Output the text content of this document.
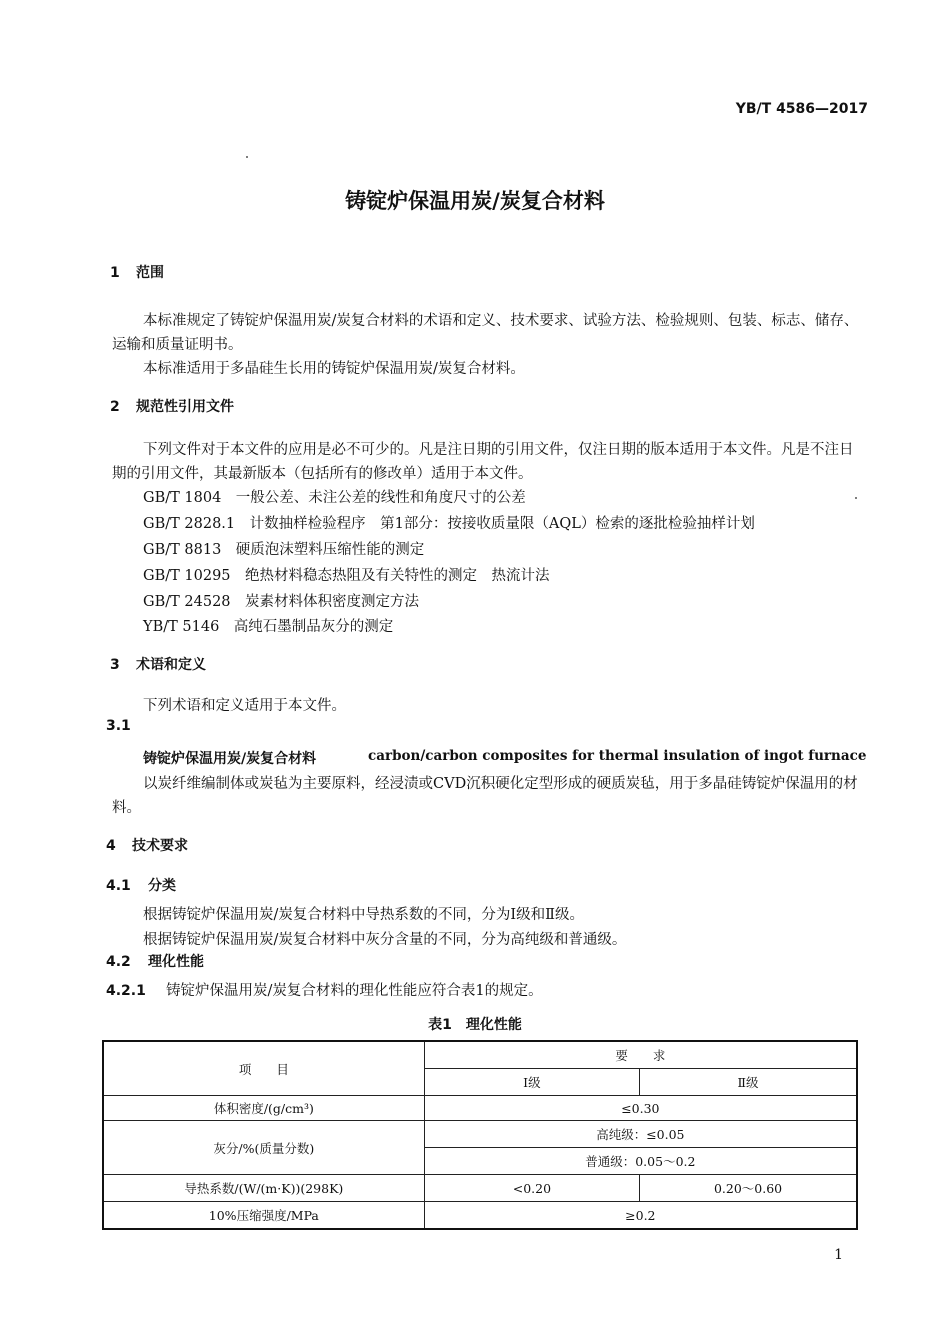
YB/T 4586—2017
铸锭炉保温用炭/炭复合材料
1 范围
本标准规定了铸锭炉保温用炭/炭复合材料的术语和定义、技术要求、试验方法、检验规则、包装、标志、储存、运输和质量证明书。
本标准适用于多晶硅生长用的铸锭炉保温用炭/炭复合材料。
2 规范性引用文件
下列文件对于本文件的应用是必不可少的。凡是注日期的引用文件，仅注日期的版本适用于本文件。凡是不注日期的引用文件，其最新版本（包括所有的修改单）适用于本文件。
GB/T 1804　一般公差、未注公差的线性和角度尺寸的公差
GB/T 2828.1　计数抽样检验程序　第1部分：按接收质量限（AQL）检索的逐批检验抽样计划
GB/T 8813　硬质泡沫塑料压缩性能的测定
GB/T 10295　绝热材料稳态热阻及有关特性的测定　热流计法
GB/T 24528　炭素材料体积密度测定方法
YB/T 5146　高纯石墨制品灰分的测定
3 术语和定义
下列术语和定义适用于本文件。
3.1
铸锭炉保温用炭/炭复合材料	carbon/carbon composites for thermal insulation of ingot furnace
以炭纤维编制体或炭毡为主要原料，经浸渍或CVD沉积硬化定型形成的硬质炭毡，用于多晶硅铸锭炉保温用的材料。
4 技术要求
4.1 分类
根据铸锭炉保温用炭/炭复合材料中导热系数的不同，分为Ⅰ级和Ⅱ级。
根据铸锭炉保温用炭/炭复合材料中灰分含量的不同，分为高纯级和普通级。
4.2 理化性能
4.2.1 铸锭炉保温用炭/炭复合材料的理化性能应符合表1的规定。
表1　理化性能
项　　目	要　　求	
	Ⅰ级	Ⅱ级
体积密度/(g/cm³)	≤0.30	
灰分/%(质量分数)	高纯级：≤0.05	
	普通级：0.05～0.2	
导热系数/(W/(m·K))(298K)	<0.20	0.20～0.60
10%压缩强度/MPa	≥0.2	
1
